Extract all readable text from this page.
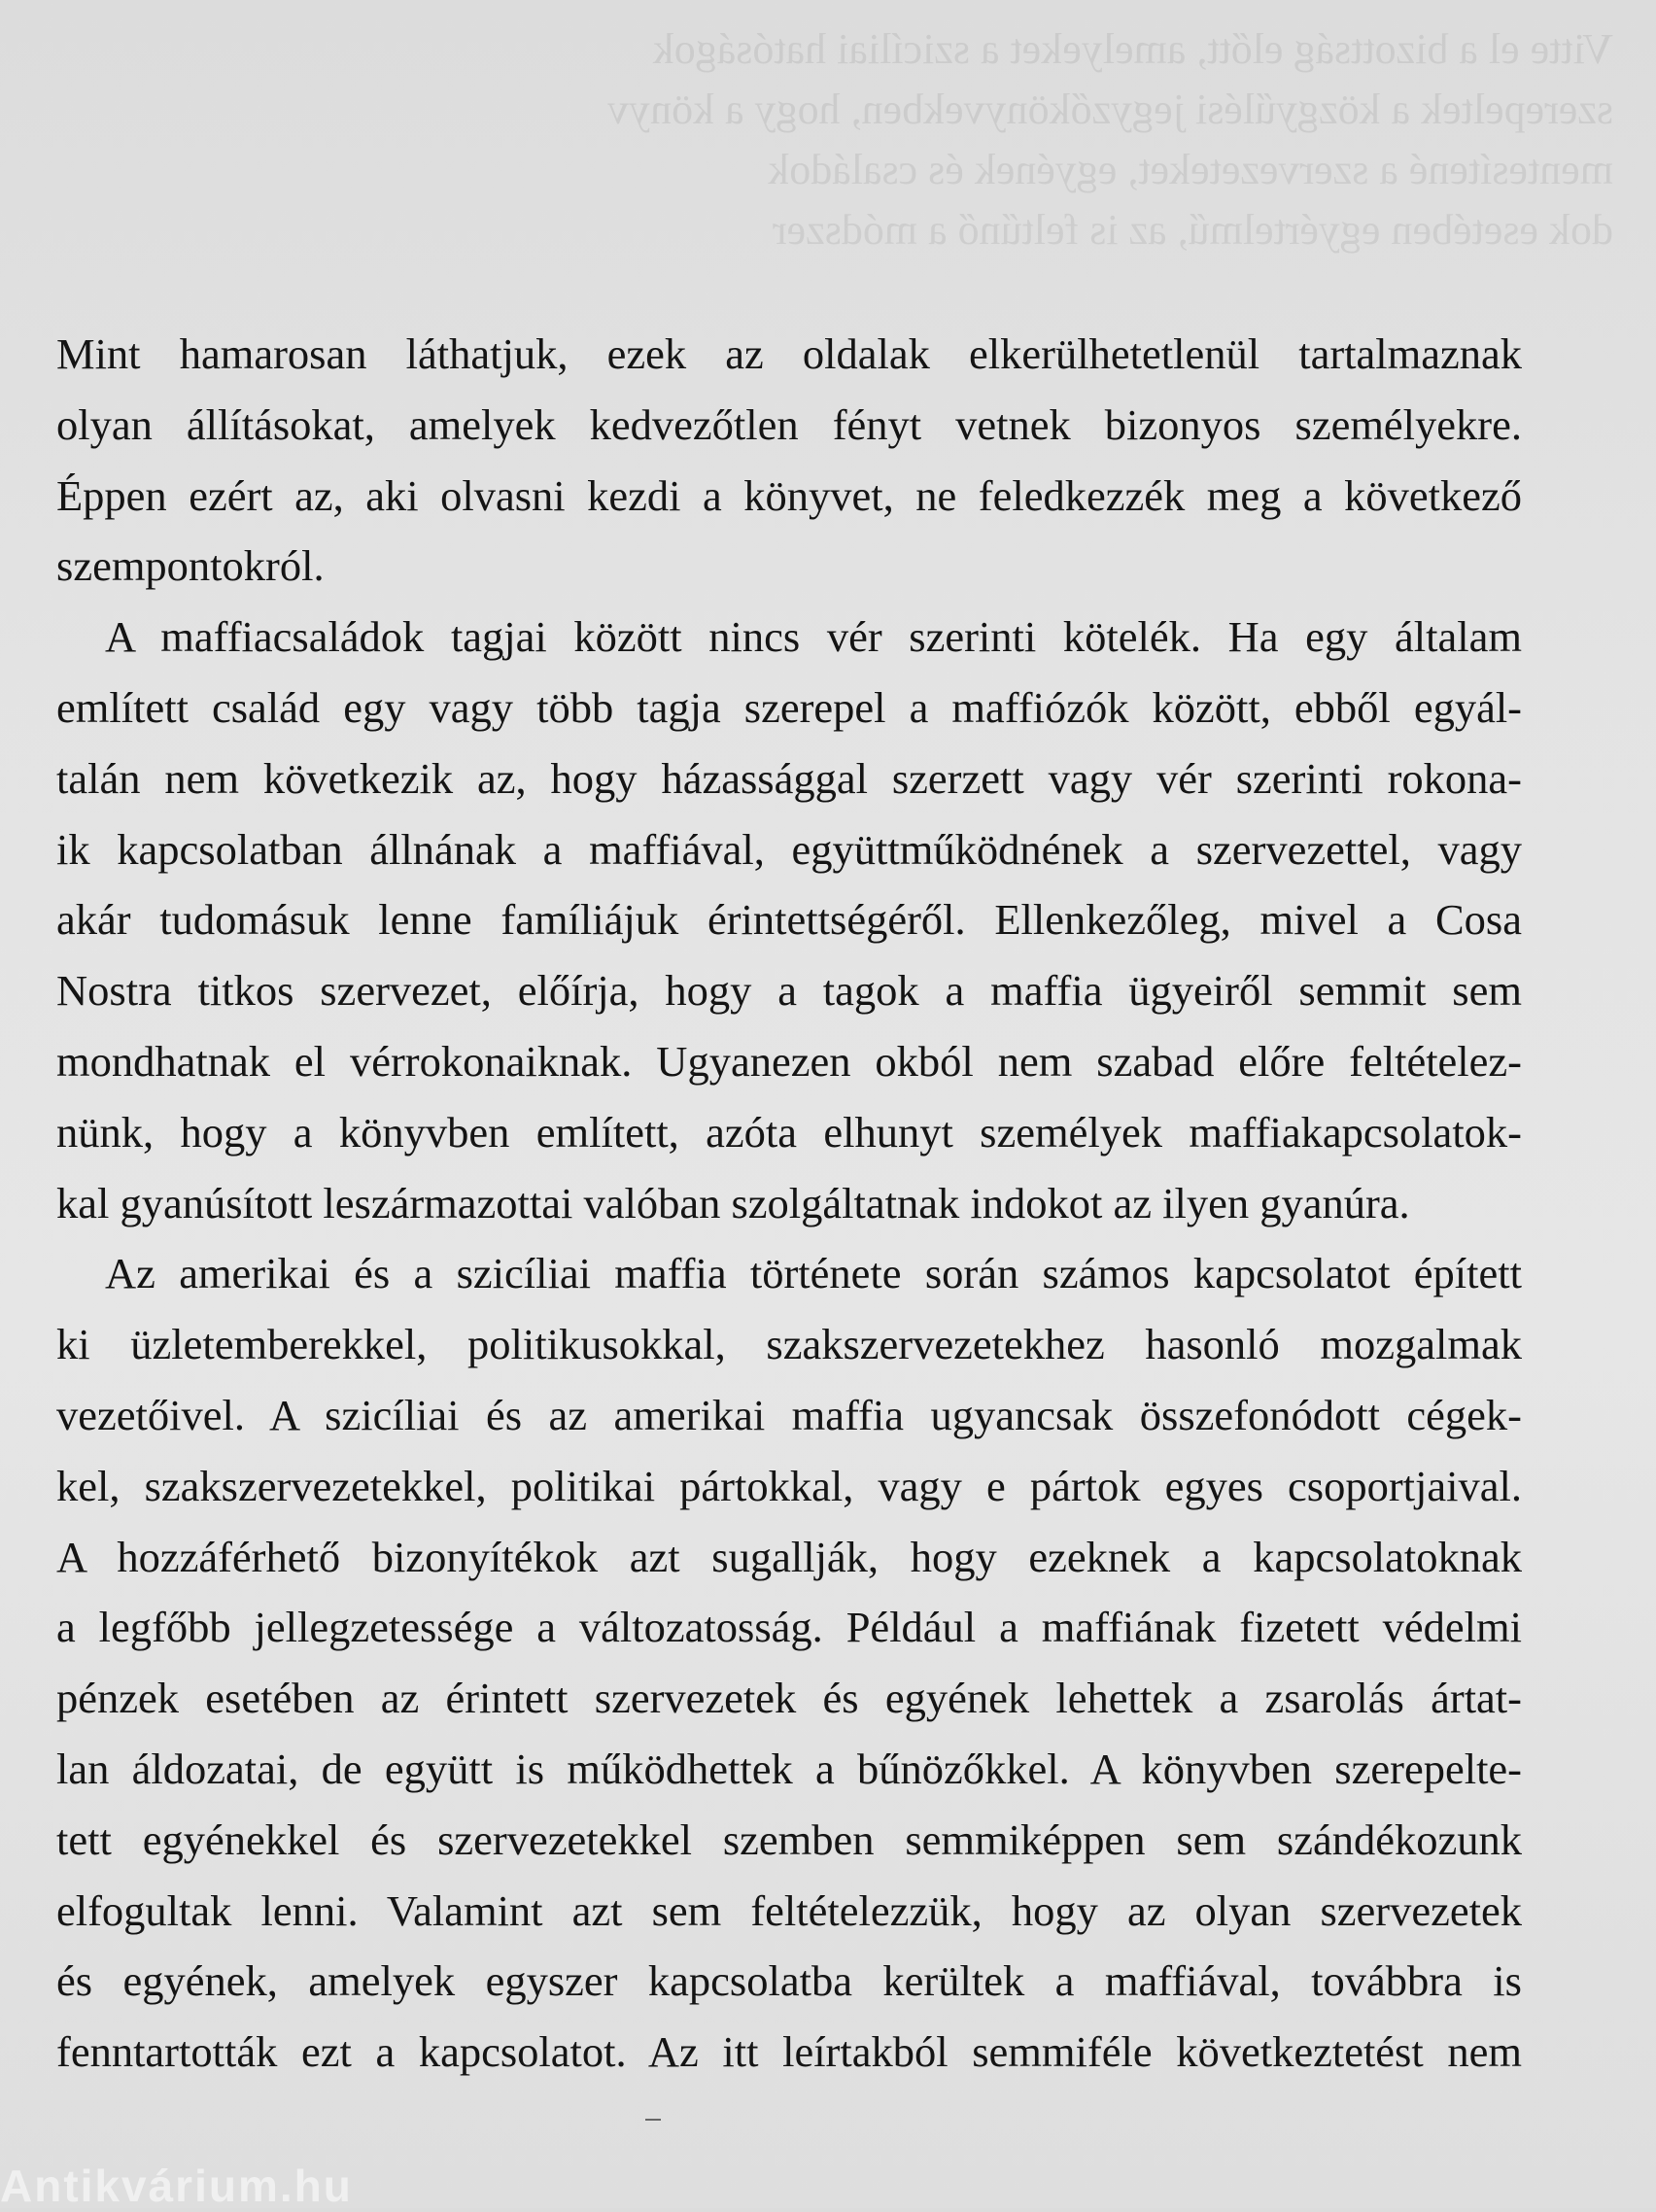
Vitte el a bizottság előtt, amelyeket a szicíliai hatóságok
szerepeltek a közgyűlési jegyzőkönyvekben, hogy a könyv
mentesítené a szervezeteket, egyének és családok
dok esetében egyértelmű, az is feltűnő a módszer
Mint hamarosan láthatjuk, ezek az oldalak elkerülhetetlenül tartalmaznak
olyan állításokat, amelyek kedvezőtlen fényt vetnek bizonyos személyekre.
Éppen ezért az, aki olvasni kezdi a könyvet, ne feledkezzék meg a következő
szempontokról.
A maffiacsaládok tagjai között nincs vér szerinti kötelék. Ha egy általam
említett család egy vagy több tagja szerepel a maffiózók között, ebből egyál-
talán nem következik az, hogy házassággal szerzett vagy vér szerinti rokona-
ik kapcsolatban állnának a maffiával, együttműködnének a szervezettel, vagy
akár tudomásuk lenne famíliájuk érintettségéről. Ellenkezőleg, mivel a Cosa
Nostra titkos szervezet, előírja, hogy a tagok a maffia ügyeiről semmit sem
mondhatnak el vérrokonaiknak. Ugyanezen okból nem szabad előre feltételez-
nünk, hogy a könyvben említett, azóta elhunyt személyek maffiakapcsolatok-
kal gyanúsított leszármazottai valóban szolgáltatnak indokot az ilyen gyanúra.
Az amerikai és a szicíliai maffia története során számos kapcsolatot épített
ki üzletemberekkel, politikusokkal, szakszervezetekhez hasonló mozgalmak
vezetőivel. A szicíliai és az amerikai maffia ugyancsak összefonódott cégek-
kel, szakszervezetekkel, politikai pártokkal, vagy e pártok egyes csoportjaival.
A hozzáférhető bizonyítékok azt sugallják, hogy ezeknek a kapcsolatoknak
a legfőbb jellegzetessége a változatosság. Például a maffiának fizetett védelmi
pénzek esetében az érintett szervezetek és egyének lehettek a zsarolás ártat-
lan áldozatai, de együtt is működhettek a bűnözőkkel. A könyvben szerepeltе-
tett egyénekkel és szervezetekkel szemben semmiképpen sem szándékozunk
elfogultak lenni. Valamint azt sem feltételezzük, hogy az olyan szervezetek
és egyének, amelyek egyszer kapcsolatba kerültek a maffiával, továbbra is
fenntartották ezt a kapcsolatot. Az itt leírtakból semmiféle következtetést nem
Antikvárium.hu
